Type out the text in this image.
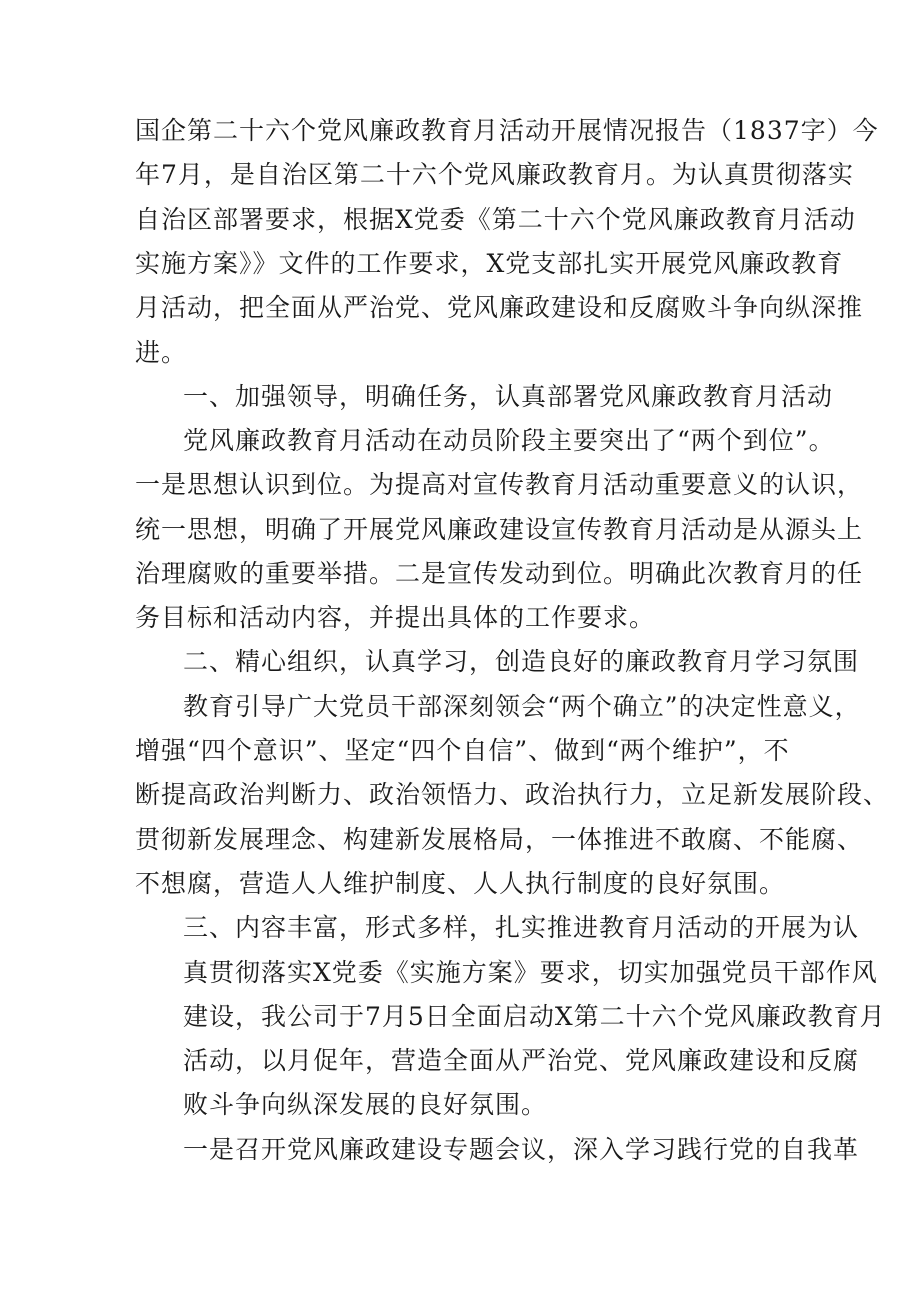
国企第二十六个党风廉政教育月活动开展情况报告（1837字）今
年7月，是自治区第二十六个党风廉政教育月。为认真贯彻落实
自治区部署要求，根据X党委《第二十六个党风廉政教育月活动
实施方案》》文件的工作要求，X党支部扎实开展党风廉政教育
月活动，把全面从严治党、党风廉政建设和反腐败斗争向纵深推
进。
一、加强领导，明确任务，认真部署党风廉政教育月活动
党风廉政教育月活动在动员阶段主要突出了“两个到位”。
一是思想认识到位。为提高对宣传教育月活动重要意义的认识，
统一思想，明确了开展党风廉政建设宣传教育月活动是从源头上
治理腐败的重要举措。二是宣传发动到位。明确此次教育月的任
务目标和活动内容，并提出具体的工作要求。
二、精心组织，认真学习，创造良好的廉政教育月学习氛围
教育引导广大党员干部深刻领会“两个确立”的决定性意义，
增强“四个意识”、坚定“四个自信”、做到“两个维护”，不
断提高政治判断力、政治领悟力、政治执行力，立足新发展阶段、
贯彻新发展理念、构建新发展格局，一体推进不敢腐、不能腐、
不想腐，营造人人维护制度、人人执行制度的良好氛围。
三、内容丰富，形式多样，扎实推进教育月活动的开展为认
真贯彻落实X党委《实施方案》要求，切实加强党员干部作风
建设，我公司于7月5日全面启动X第二十六个党风廉政教育月
活动，以月促年，营造全面从严治党、党风廉政建设和反腐
败斗争向纵深发展的良好氛围。
一是召开党风廉政建设专题会议，深入学习践行党的自我革
